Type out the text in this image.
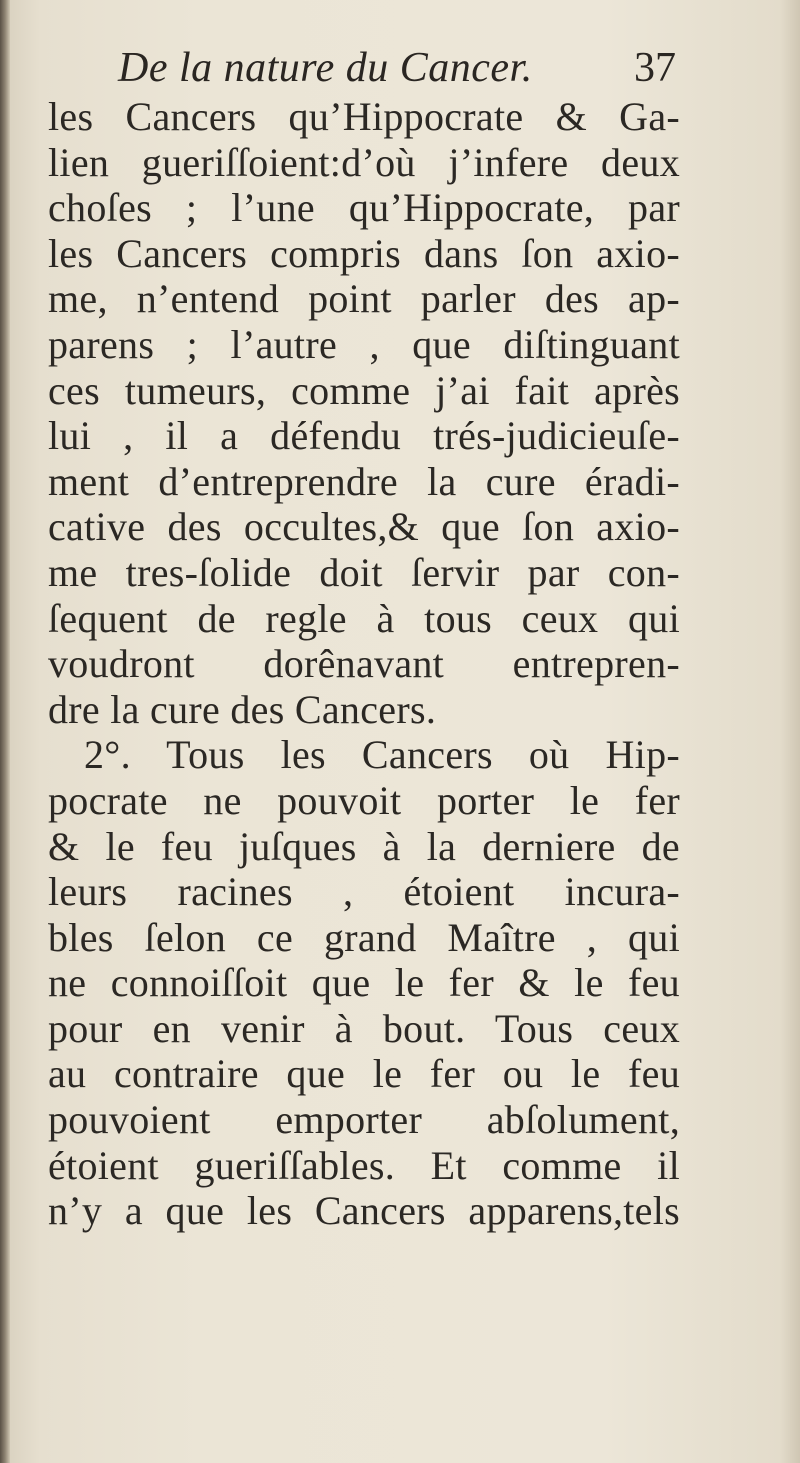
De la nature du Cancer. 37
les Cancers qu’Hippocrate & Ga-
lien gueriſſoient:d’où j’infere deux
choſes ; l’une qu’Hippocrate, par
les Cancers compris dans ſon axio-
me, n’entend point parler des ap-
parens ; l’autre , que diſtinguant
ces tumeurs, comme j’ai fait après
lui , il a défendu trés-judicieuſe-
ment d’entreprendre la cure éradi-
cative des occultes,& que ſon axio-
me tres-ſolide doit ſervir par con-
ſequent de regle à tous ceux qui
voudront dorênavant entrepren-
dre la cure des Cancers.
2°. Tous les Cancers où Hip-
pocrate ne pouvoit porter le fer
& le feu juſques à la derniere de
leurs racines , étoient incura-
bles ſelon ce grand Maître , qui
ne connoiſſoit que le fer & le feu
pour en venir à bout. Tous ceux
au contraire que le fer ou le feu
pouvoient emporter abſolument,
étoient gueriſſables. Et comme il
n’y a que les Cancers apparens,tels
